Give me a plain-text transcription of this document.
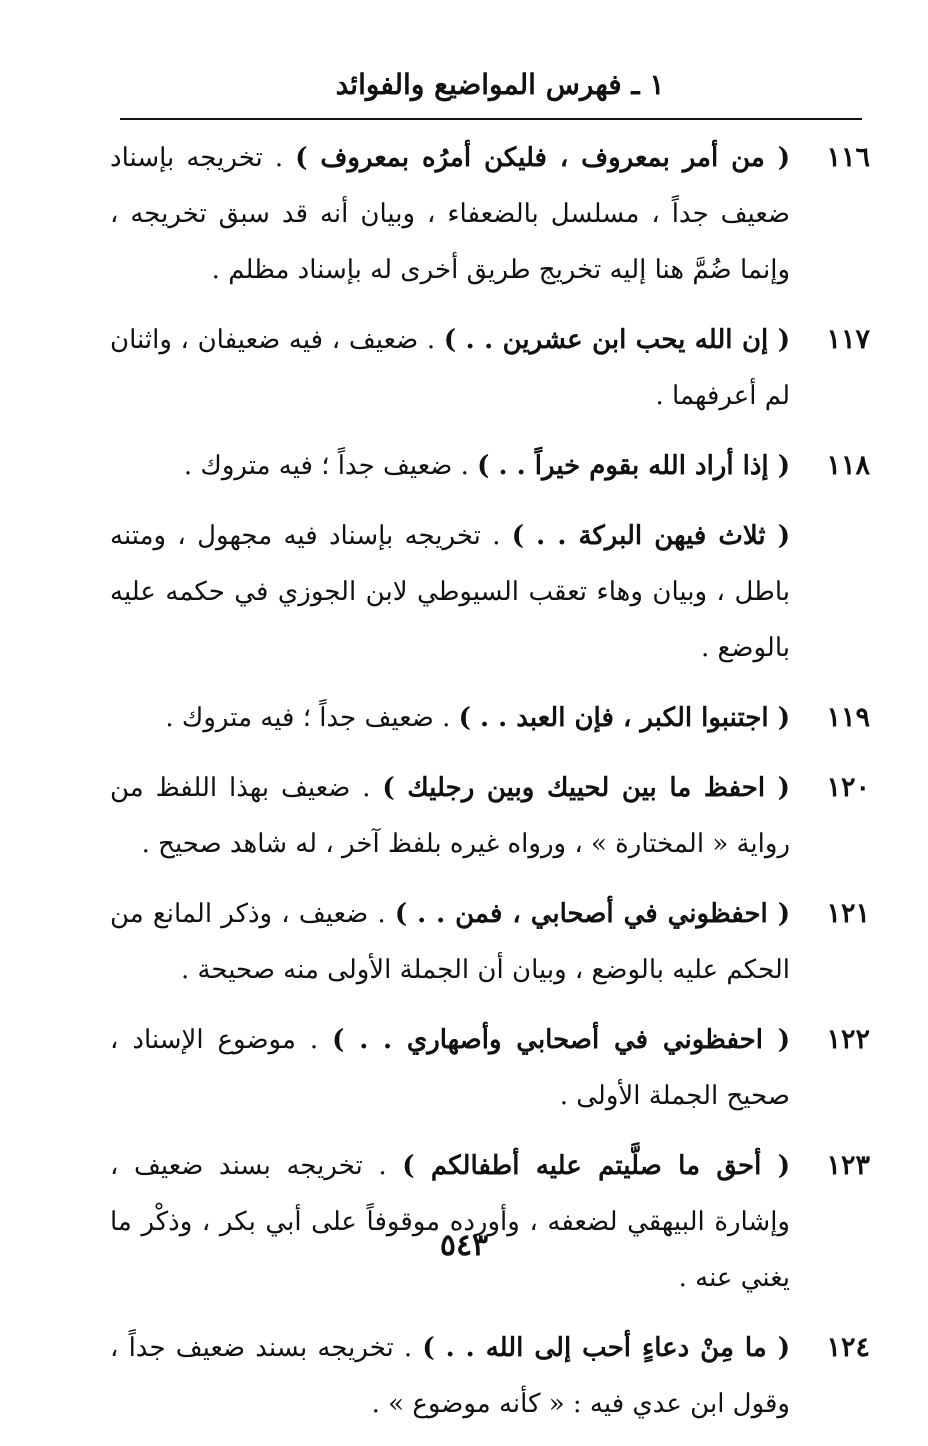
١ ـ فهرس المواضيع والفوائد
١١٦
( من أمر بمعروف ، فليكن أمرُه بمعروف ) . تخريجه بإسناد ضعيف جداً ، مسلسل بالضعفاء ، وبيان أنه قد سبق تخريجه ، وإنما ضُمَّ هنا إليه تخريج طريق أخرى له بإسناد مظلم .
١١٧
( إن الله يحب ابن عشرين . . ) . ضعيف ، فيه ضعيفان ، واثنان لم أعرفهما .
١١٨
( إذا أراد الله بقوم خيراً . . ) . ضعيف جداً ؛ فيه متروك .
( ثلاث فيهن البركة . . ) . تخريجه بإسناد فيه مجهول ، ومتنه باطل ، وبيان وهاء تعقب السيوطي لابن الجوزي في حكمه عليه بالوضع .
١١٩
( اجتنبوا الكبر ، فإن العبد . . ) . ضعيف جداً ؛ فيه متروك .
١٢٠
( احفظ ما بين لحييك وبين رجليك ) . ضعيف بهذا اللفظ من رواية « المختارة » ، ورواه غيره بلفظ آخر ، له شاهد صحيح .
١٢١
( احفظوني في أصحابي ، فمن . . ) . ضعيف ، وذكر المانع من الحكم عليه بالوضع ، وبيان أن الجملة الأولى منه صحيحة .
١٢٢
( احفظوني في أصحابي وأصهاري . . ) . موضوع الإسناد ، صحيح الجملة الأولى .
١٢٣
( أحق ما صلَّيتم عليه أطفالكم ) . تخريجه بسند ضعيف ، وإشارة البيهقي لضعفه ، وأورده موقوفاً على أبي بكر ، وذكْر ما يغني عنه .
١٢٤
( ما مِنْ دعاءٍ أحب إلى الله . . ) . تخريجه بسند ضعيف جداً ، وقول ابن عدي فيه : « كأنه موضوع » .
٥٤٣
